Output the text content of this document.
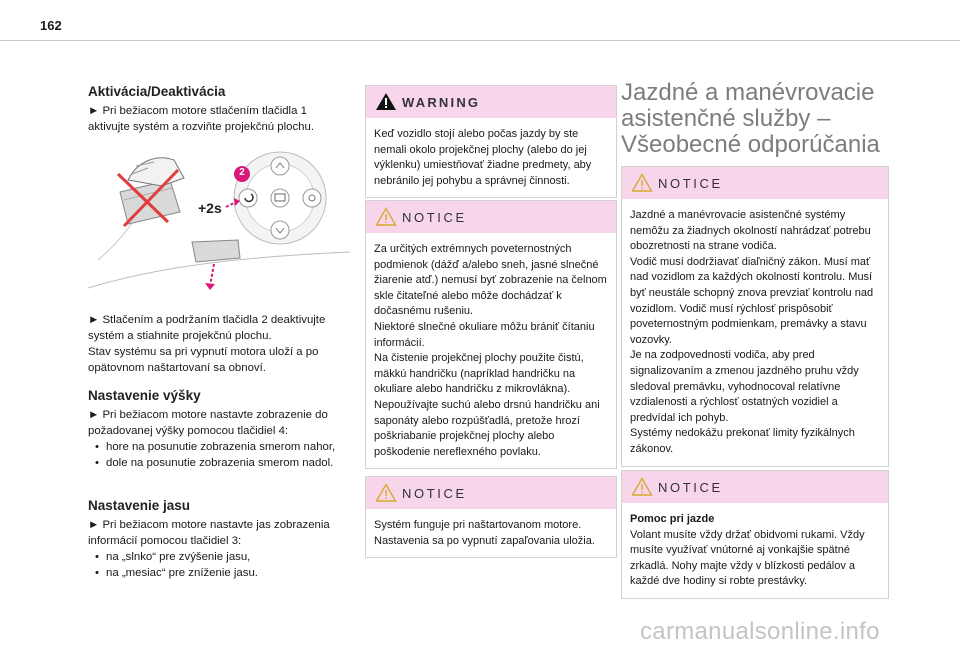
162
Aktivácia/Deaktivácia

► Pri bežiacom motore stlačením tlačidla 1 aktivujte systém a rozviňte projekčnú plochu.

+2s
2

► Stlačením a podržaním tlačidla 2 deaktivujte systém a stiahnite projekčnú plochu.

Stav systému sa pri vypnutí motora uloží a po opätovnom naštartovaní sa obnoví.

Nastavenie výšky

► Pri bežiacom motore nastavte zobrazenie do požadovanej výšky pomocou tlačidiel 4:

• hore na posunutie zobrazenia smerom nahor,
• dole na posunutie zobrazenia smerom nadol.
Nastavenie jasu

► Pri bežiacom motore nastavte jas zobrazenia informácií pomocou tlačidiel 3:

• na „slnko“ pre zvýšenie jasu,
• na „mesiac“ pre zníženie jasu.
WARNING

Keď vozidlo stojí alebo počas jazdy by ste nemali okolo projekčnej plochy (alebo do jej výklenku) umiestňovať žiadne predmety, aby nebránilo jej pohybu a správnej činnosti.

NOTICE

Za určitých extrémnych poveternostných podmienok (dážď a/alebo sneh, jasné slnečné žiarenie atď.) nemusí byť zobrazenie na čelnom skle čitateľné alebo môže dochádzať k dočasnému rušeniu.

Niektoré slnečné okuliare môžu brániť čítaniu informácií.

Na čistenie projekčnej plochy použite čistú, mäkkú handričku (napríklad handričku na okuliare alebo handričku z mikrovlákna). Nepoužívajte suchú alebo drsnú handričku ani saponáty alebo rozpúšťadlá, pretože hrozí poškriabanie projekčnej plochy alebo poškodenie nereflexného povlaku.

NOTICE

Systém funguje pri naštartovanom motore. Nastavenia sa po vypnutí zapaľovania uložia.

Jazdné a manévrovacie asistenčné služby – Všeobecné odporúčania
NOTICE

Jazdné a manévrovacie asistenčné systémy nemôžu za žiadnych okolností nahrádzať potrebu obozretnosti na strane vodiča.

Vodič musí dodržiavať diaľničný zákon. Musí mať nad vozidlom za každých okolností kontrolu. Musí byť neustále schopný znova prevziať kontrolu nad vozidlom. Vodič musí rýchlosť prispôsobiť poveternostným podmienkam, premávky a stavu vozovky.

Je na zodpovednosti vodiča, aby pred signalizovaním a zmenou jazdného pruhu vždy sledoval premávku, vyhodnocoval relatívne vzdialenosti a rýchlosť ostatných vozidiel a predvídal ich pohyb.

Systémy nedokážu prekonať limity fyzikálnych zákonov.

NOTICE

Pomoc pri jazde

Volant musíte vždy držať obidvomi rukami. Vždy musíte využívať vnútorné aj vonkajšie spätné zrkadlá. Nohy majte vždy v blízkosti pedálov a každé dve hodiny si robte prestávky.

carmanualsonline.info
